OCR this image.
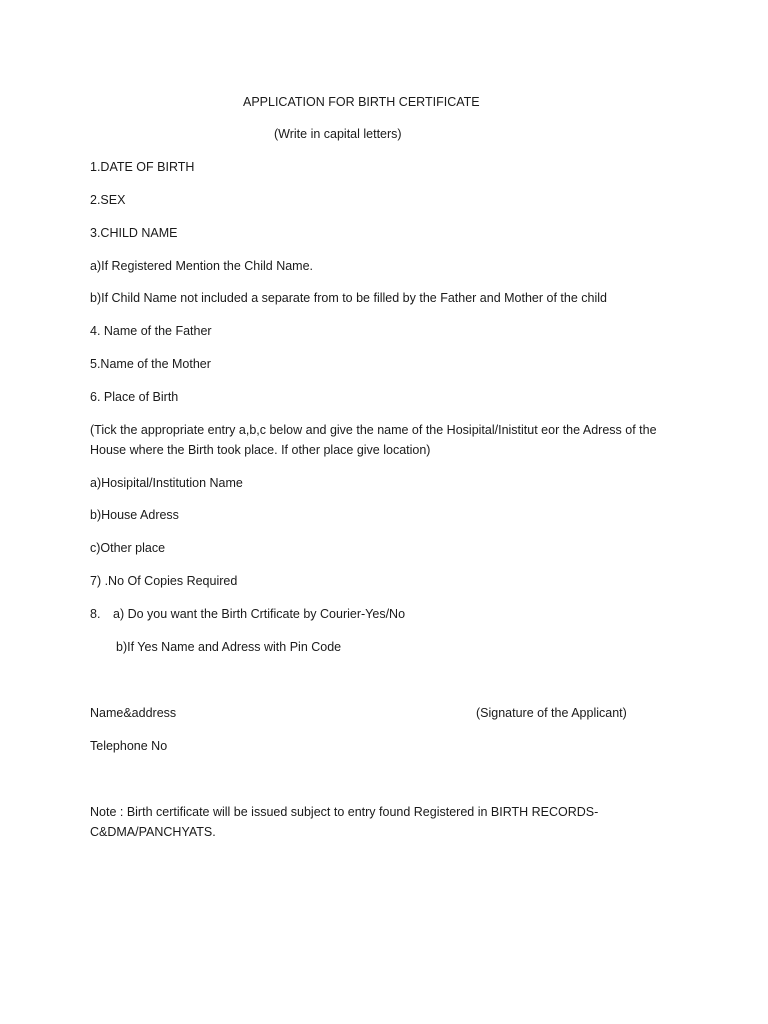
APPLICATION FOR BIRTH CERTIFICATE
(Write in capital letters)
1.DATE OF BIRTH
2.SEX
3.CHILD NAME
a)If Registered Mention the Child Name.
b)If Child Name not included a separate from to be filled by the Father and Mother of the child
4. Name of the Father
5.Name of the Mother
6. Place of Birth
(Tick the appropriate entry a,b,c below and give the name of the Hosipital/Inistitut eor the Adress of the House where the Birth took place. If other place give location)
a)Hosipital/Institution Name
b)House Adress
c)Other place
7) .No Of Copies Required
8. a) Do you want the Birth Crtificate by Courier-Yes/No
b)If Yes Name and Adress with Pin Code
Name&address	(Signature of the Applicant)
Telephone No
Note : Birth certificate will be issued subject to entry found Registered in BIRTH RECORDS-C&DMA/PANCHYATS.
